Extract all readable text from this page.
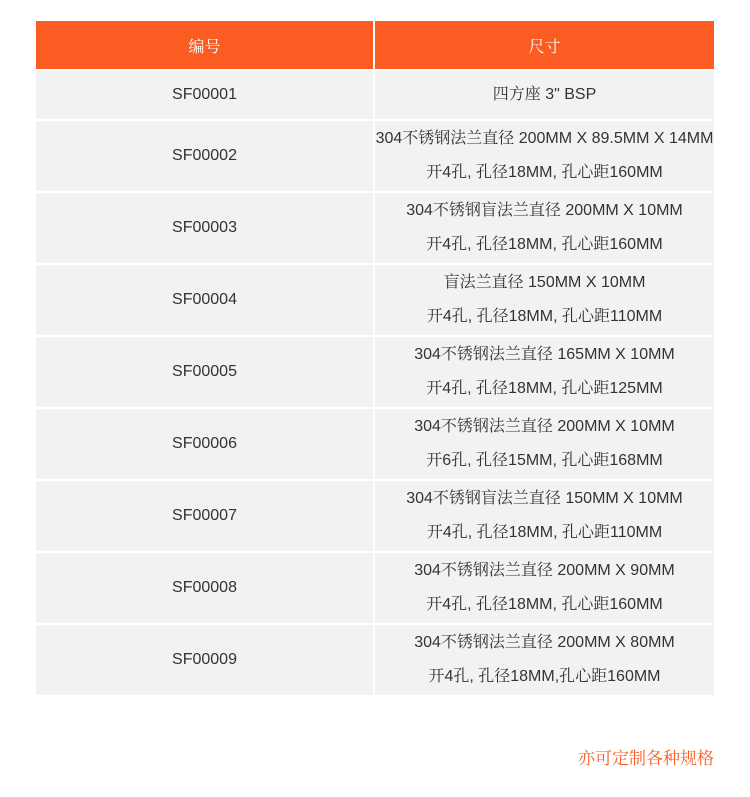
编号	尺寸
SF00001	四方座 3" BSP

SF00002	304不锈钢法兰直径 200MM X 89.5MM X 14MM
开4孔, 孔径18MM, 孔心距160MM

SF00003	304不锈钢盲法兰直径 200MM X 10MM
开4孔, 孔径18MM, 孔心距160MM

SF00004	盲法兰直径 150MM X 10MM
开4孔, 孔径18MM, 孔心距110MM

SF00005	304不锈钢法兰直径 165MM X 10MM
开4孔, 孔径18MM, 孔心距125MM

SF00006	304不锈钢法兰直径 200MM X 10MM
开6孔, 孔径15MM, 孔心距168MM

SF00007	304不锈钢盲法兰直径 150MM X 10MM
开4孔, 孔径18MM, 孔心距110MM

SF00008	304不锈钢法兰直径 200MM X 90MM
开4孔, 孔径18MM, 孔心距160MM

SF00009	304不锈钢法兰直径 200MM X 80MM
开4孔, 孔径18MM,孔心距160MM
亦可定制各种规格
